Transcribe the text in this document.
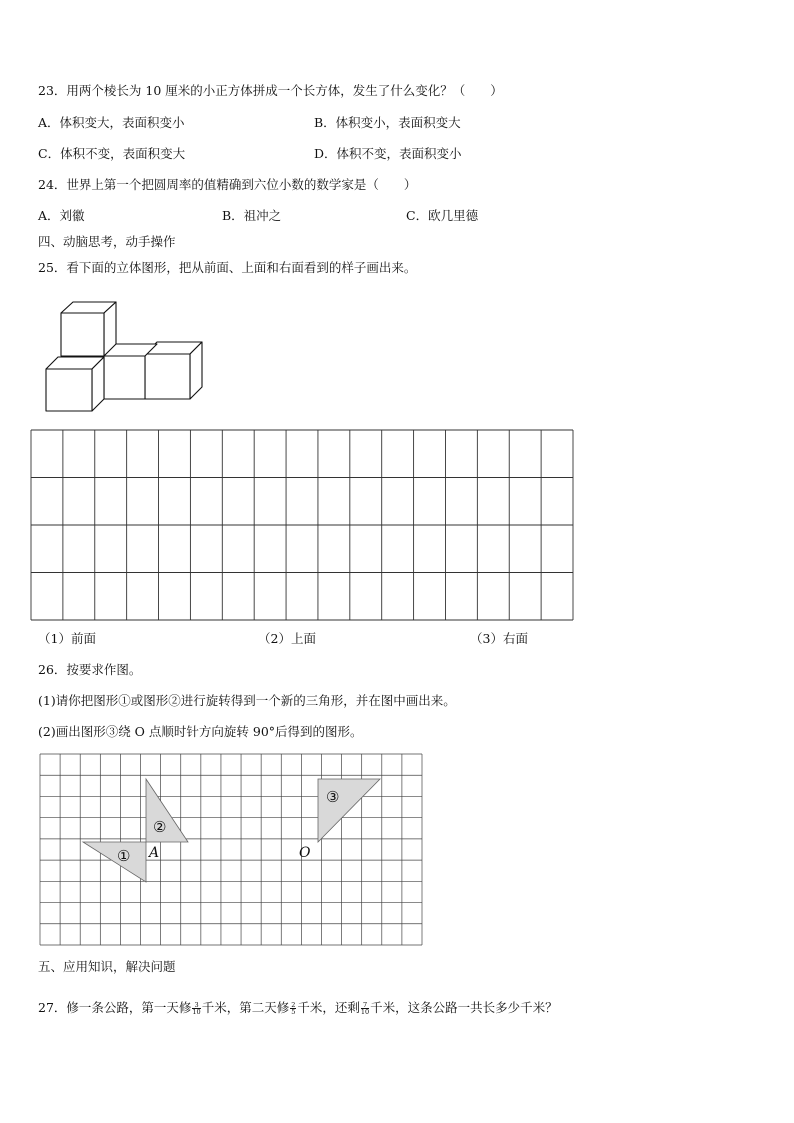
23．用两个棱长为 10 厘米的小正方体拼成一个长方体，发生了什么变化？（　　）
A．体积变大，表面积变小	B．体积变小，表面积变大
C．体积不变，表面积变大	D．体积不变，表面积变小
24．世界上第一个把圆周率的值精确到六位小数的数学家是（　　）
A．刘徽	B．祖冲之	C．欧几里德
四、动脑思考，动手操作
25．看下面的立体图形，把从前面、上面和右面看到的样子画出来。
①
②
③
A	O
（1）前面	（2）上面	（3）右面
26．按要求作图。
(1)请你把图形①或图形②进行旋转得到一个新的三角形，并在图中画出来。
(2)画出图形③绕 O 点顺时针方向旋转 90°后得到的图形。
五、应用知识，解决问题
27．修一条公路，第一天修 $\frac{3}{10}$ 千米，第二天修 $\frac{2}{5}$ 千米，还剩 $\frac{7}{10}$ 千米，这条公路一共长多少千米？
